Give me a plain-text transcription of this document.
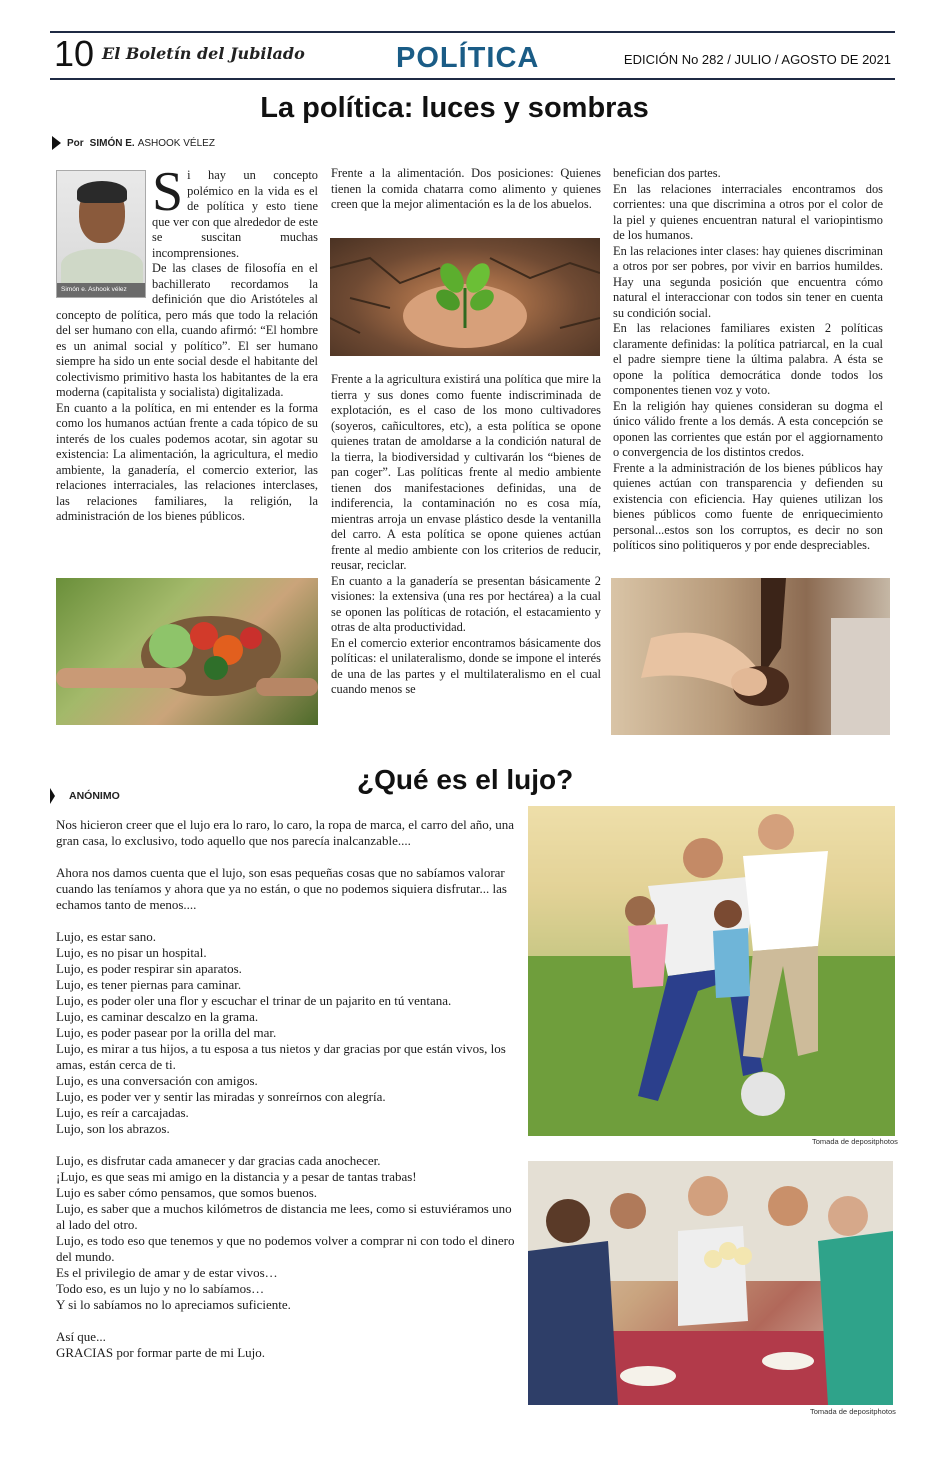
10 El Boletín del Jubilado	POLÍTICA	EDICIÓN No 282 / JULIO / AGOSTO DE 2021
La política: luces y sombras
Por SIMÓN E. ASHOOK VÉLEZ
Simón e. Ashook vélez
S i hay un concepto polémico en la vida es el de política y esto tiene que ver con que alrededor de este se suscitan muchas incomprensiones.

De las clases de filosofía en el bachillerato recordamos la definición que dio Aristóteles al concepto de política, pero más que todo la relación del ser humano con ella, cuando afirmó: “El hombre es un animal social y político”. El ser humano siempre ha sido un ente social desde el habitante del colectivismo primitivo hasta los habitantes de la era moderna (capitalista y socialista) digitalizada.

En cuanto a la política, en mi entender es la forma como los humanos actúan frente a cada tópico de su interés de los cuales podemos acotar, sin agotar su existencia: La alimentación, la agricultura, el medio ambiente, la ganadería, el comercio exterior, las relaciones interraciales, las relaciones interclases, las relaciones familiares, la religión, la administración de los bienes públicos.

Frente a la alimentación. Dos posiciones: Quienes tienen la comida chatarra como alimento y quienes creen que la mejor alimentación es la de los abuelos.

Frente a la agricultura existirá una política que mire la tierra y sus dones como fuente indiscriminada de explotación, es el caso de los mono cultivadores (soyeros, cañicultores, etc), a esta política se opone quienes tratan de amoldarse a la condición natural de la tierra, la biodiversidad y cultivarán los “bienes de pan coger”. Las políticas frente al medio ambiente tienen dos manifestaciones definidas, una de indiferencia, la contaminación no es cosa mía, mientras arroja un envase plástico desde la ventanilla del carro. A esta política se opone quienes actúan frente al medio ambiente con los criterios de reducir, reusar, reciclar.

En cuanto a la ganadería se presentan básicamente 2 visiones: la extensiva (una res por hectárea) a la cual se oponen las políticas de rotación, el estacamiento y otras de alta productividad.

En el comercio exterior encontramos básicamente dos políticas: el unilateralismo, donde se impone el interés de una de las partes y el multilateralismo en el cual cuando menos se

benefician dos partes.

En las relaciones interraciales encontramos dos corrientes: una que discrimina a otros por el color de la piel y quienes encuentran natural el variopintismo de los humanos.

En las relaciones inter clases: hay quienes discriminan a otros por ser pobres, por vivir en barrios humildes. Hay una segunda posición que encuentra cómo natural el interaccionar con todos sin tener en cuenta su condición social.

En las relaciones familiares existen 2 políticas claramente definidas: la política patriarcal, en la cual el padre siempre tiene la última palabra. A ésta se opone la política democrática donde todos los componentes tienen voz y voto.

En la religión hay quienes consideran su dogma el único válido frente a los demás. A esta concepción se oponen las corrientes que están por el aggiornamento o convergencia de los distintos credos.

Frente a la administración de los bienes públicos hay quienes actúan con transparencia y defienden su existencia con eficiencia. Hay quienes utilizan los bienes públicos como fuente de enriquecimiento personal...estos son los corruptos, es decir no son políticos sino politiqueros y por ende despreciables.

ANÓNIMO
¿Qué es el lujo?

Nos hicieron creer que el lujo era lo raro, lo caro, la ropa de marca, el carro del año, una gran casa, lo exclusivo, todo aquello que nos parecía inalcanzable....

Ahora nos damos cuenta que el lujo, son esas pequeñas cosas que no sabíamos valorar cuando las teníamos y ahora que ya no están, o que no podemos siquiera disfrutar... las echamos tanto de menos....

Lujo, es estar sano.

Lujo, es no pisar un hospital.

Lujo, es poder respirar sin aparatos.

Lujo, es tener piernas para caminar.

Lujo, es poder oler una flor y escuchar el trinar de un pajarito en tú ventana.

Lujo, es caminar descalzo en la grama.

Lujo, es poder pasear por la orilla del mar.

Lujo, es mirar a tus hijos, a tu esposa a tus nietos y dar gracias por que están vivos, los amas, están cerca de ti.

Lujo, es una conversación con amigos.

Lujo, es poder ver y sentir las miradas y sonreírnos con alegría.

Lujo, es reír a carcajadas.

Lujo, son los abrazos.

Lujo, es disfrutar cada amanecer y dar gracias cada anochecer.

¡Lujo, es que seas mi amigo en la distancia y a pesar de tantas trabas!

Lujo es saber cómo pensamos, que somos buenos.

Lujo, es saber que a muchos kilómetros de distancia me lees, como si estuviéramos uno al lado del otro.

Lujo, es todo eso que tenemos y que no podemos volver a comprar ni con todo el dinero del mundo.

Es el privilegio de amar y de estar vivos…

Todo eso, es un lujo y no lo sabíamos…

Y si lo sabíamos no lo apreciamos suficiente.

Así que...

GRACIAS por formar parte de mi Lujo.

Tomada de depositphotos
Tomada de depositphotos
